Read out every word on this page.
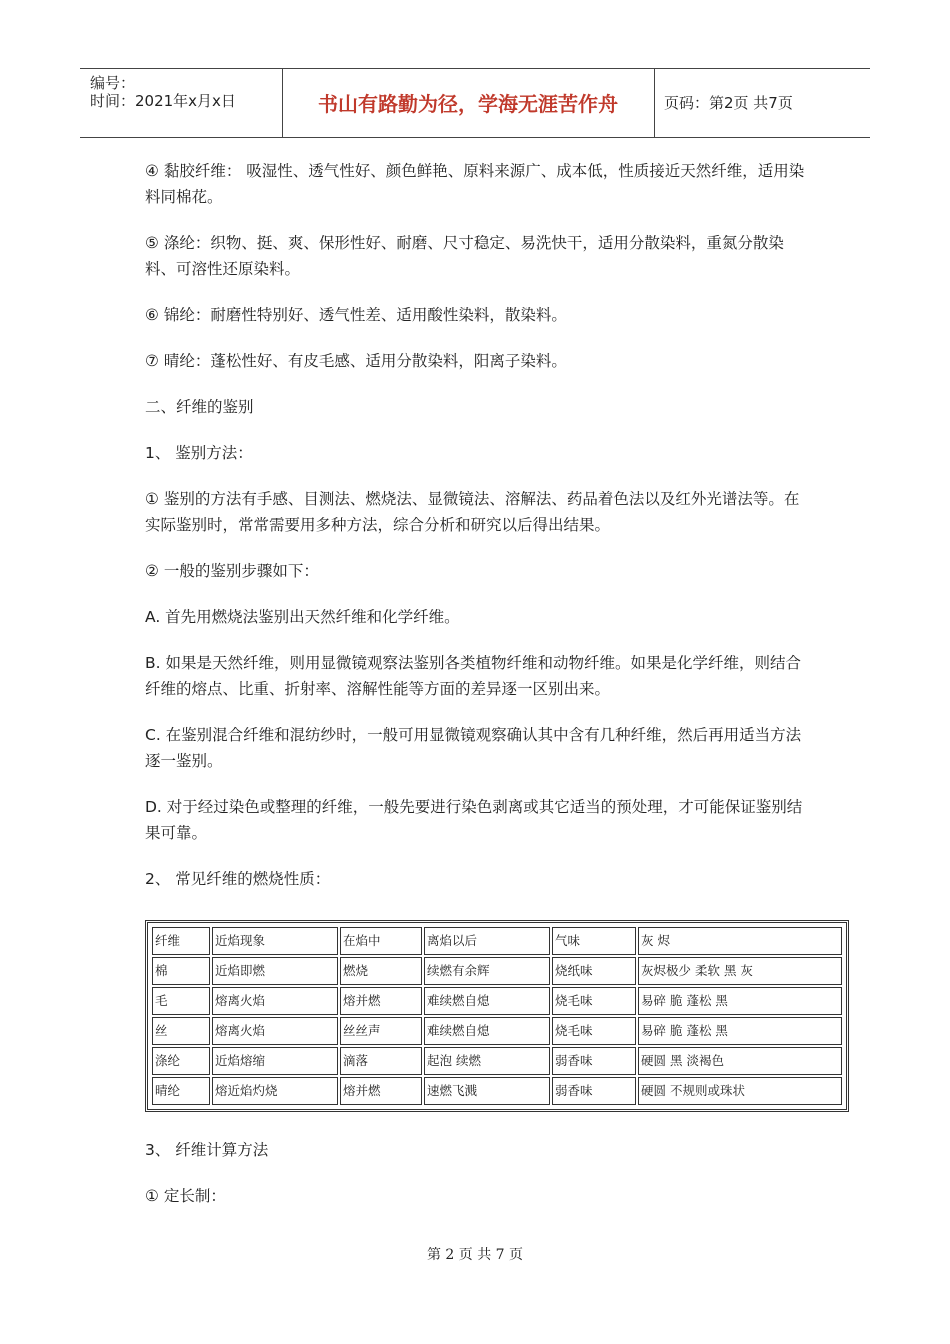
编号：
时间：2021年x月x日	书山有路勤为径，学海无涯苦作舟	页码：第2页 共7页

④ 黏胶纤维： 吸湿性、透气性好、颜色鲜艳、原料来源广、成本低，性质接近天然纤维，适用染料同棉花。

⑤ 涤纶：织物、挺、爽、保形性好、耐磨、尺寸稳定、易洗快干，适用分散染料，重氮分散染料、可溶性还原染料。

⑥ 锦纶：耐磨性特别好、透气性差、适用酸性染料，散染料。

⑦ 晴纶：蓬松性好、有皮毛感、适用分散染料，阳离子染料。

二、纤维的鉴别

1、 鉴别方法：

① 鉴别的方法有手感、目测法、燃烧法、显微镜法、溶解法、药品着色法以及红外光谱法等。在实际鉴别时，常常需要用多种方法，综合分析和研究以后得出结果。

② 一般的鉴别步骤如下：

A. 首先用燃烧法鉴别出天然纤维和化学纤维。

B. 如果是天然纤维，则用显微镜观察法鉴别各类植物纤维和动物纤维。如果是化学纤维，则结合纤维的熔点、比重、折射率、溶解性能等方面的差异逐一区别出来。

C. 在鉴别混合纤维和混纺纱时，一般可用显微镜观察确认其中含有几种纤维，然后再用适当方法逐一鉴别。

D. 对于经过染色或整理的纤维，一般先要进行染色剥离或其它适当的预处理，才可能保证鉴别结果可靠。

2、 常见纤维的燃烧性质：

纤维	近焰现象	在焰中	离焰以后	气味	灰 烬
棉	近焰即燃	燃烧	续燃有余辉	烧纸味	灰烬极少 柔软 黑 灰
毛	熔离火焰	熔并燃	难续燃自熄	烧毛味	易碎 脆 蓬松 黑
丝	熔离火焰	丝丝声	难续燃自熄	烧毛味	易碎 脆 蓬松 黑
涤纶	近焰熔缩	滴落	起泡 续燃	弱香味	硬圆 黑 淡褐色
晴纶	熔近焰灼烧	熔并燃	速燃飞溅	弱香味	硬圆 不规则或珠状

3、 纤维计算方法

① 定长制：

第 2 页 共 7 页
